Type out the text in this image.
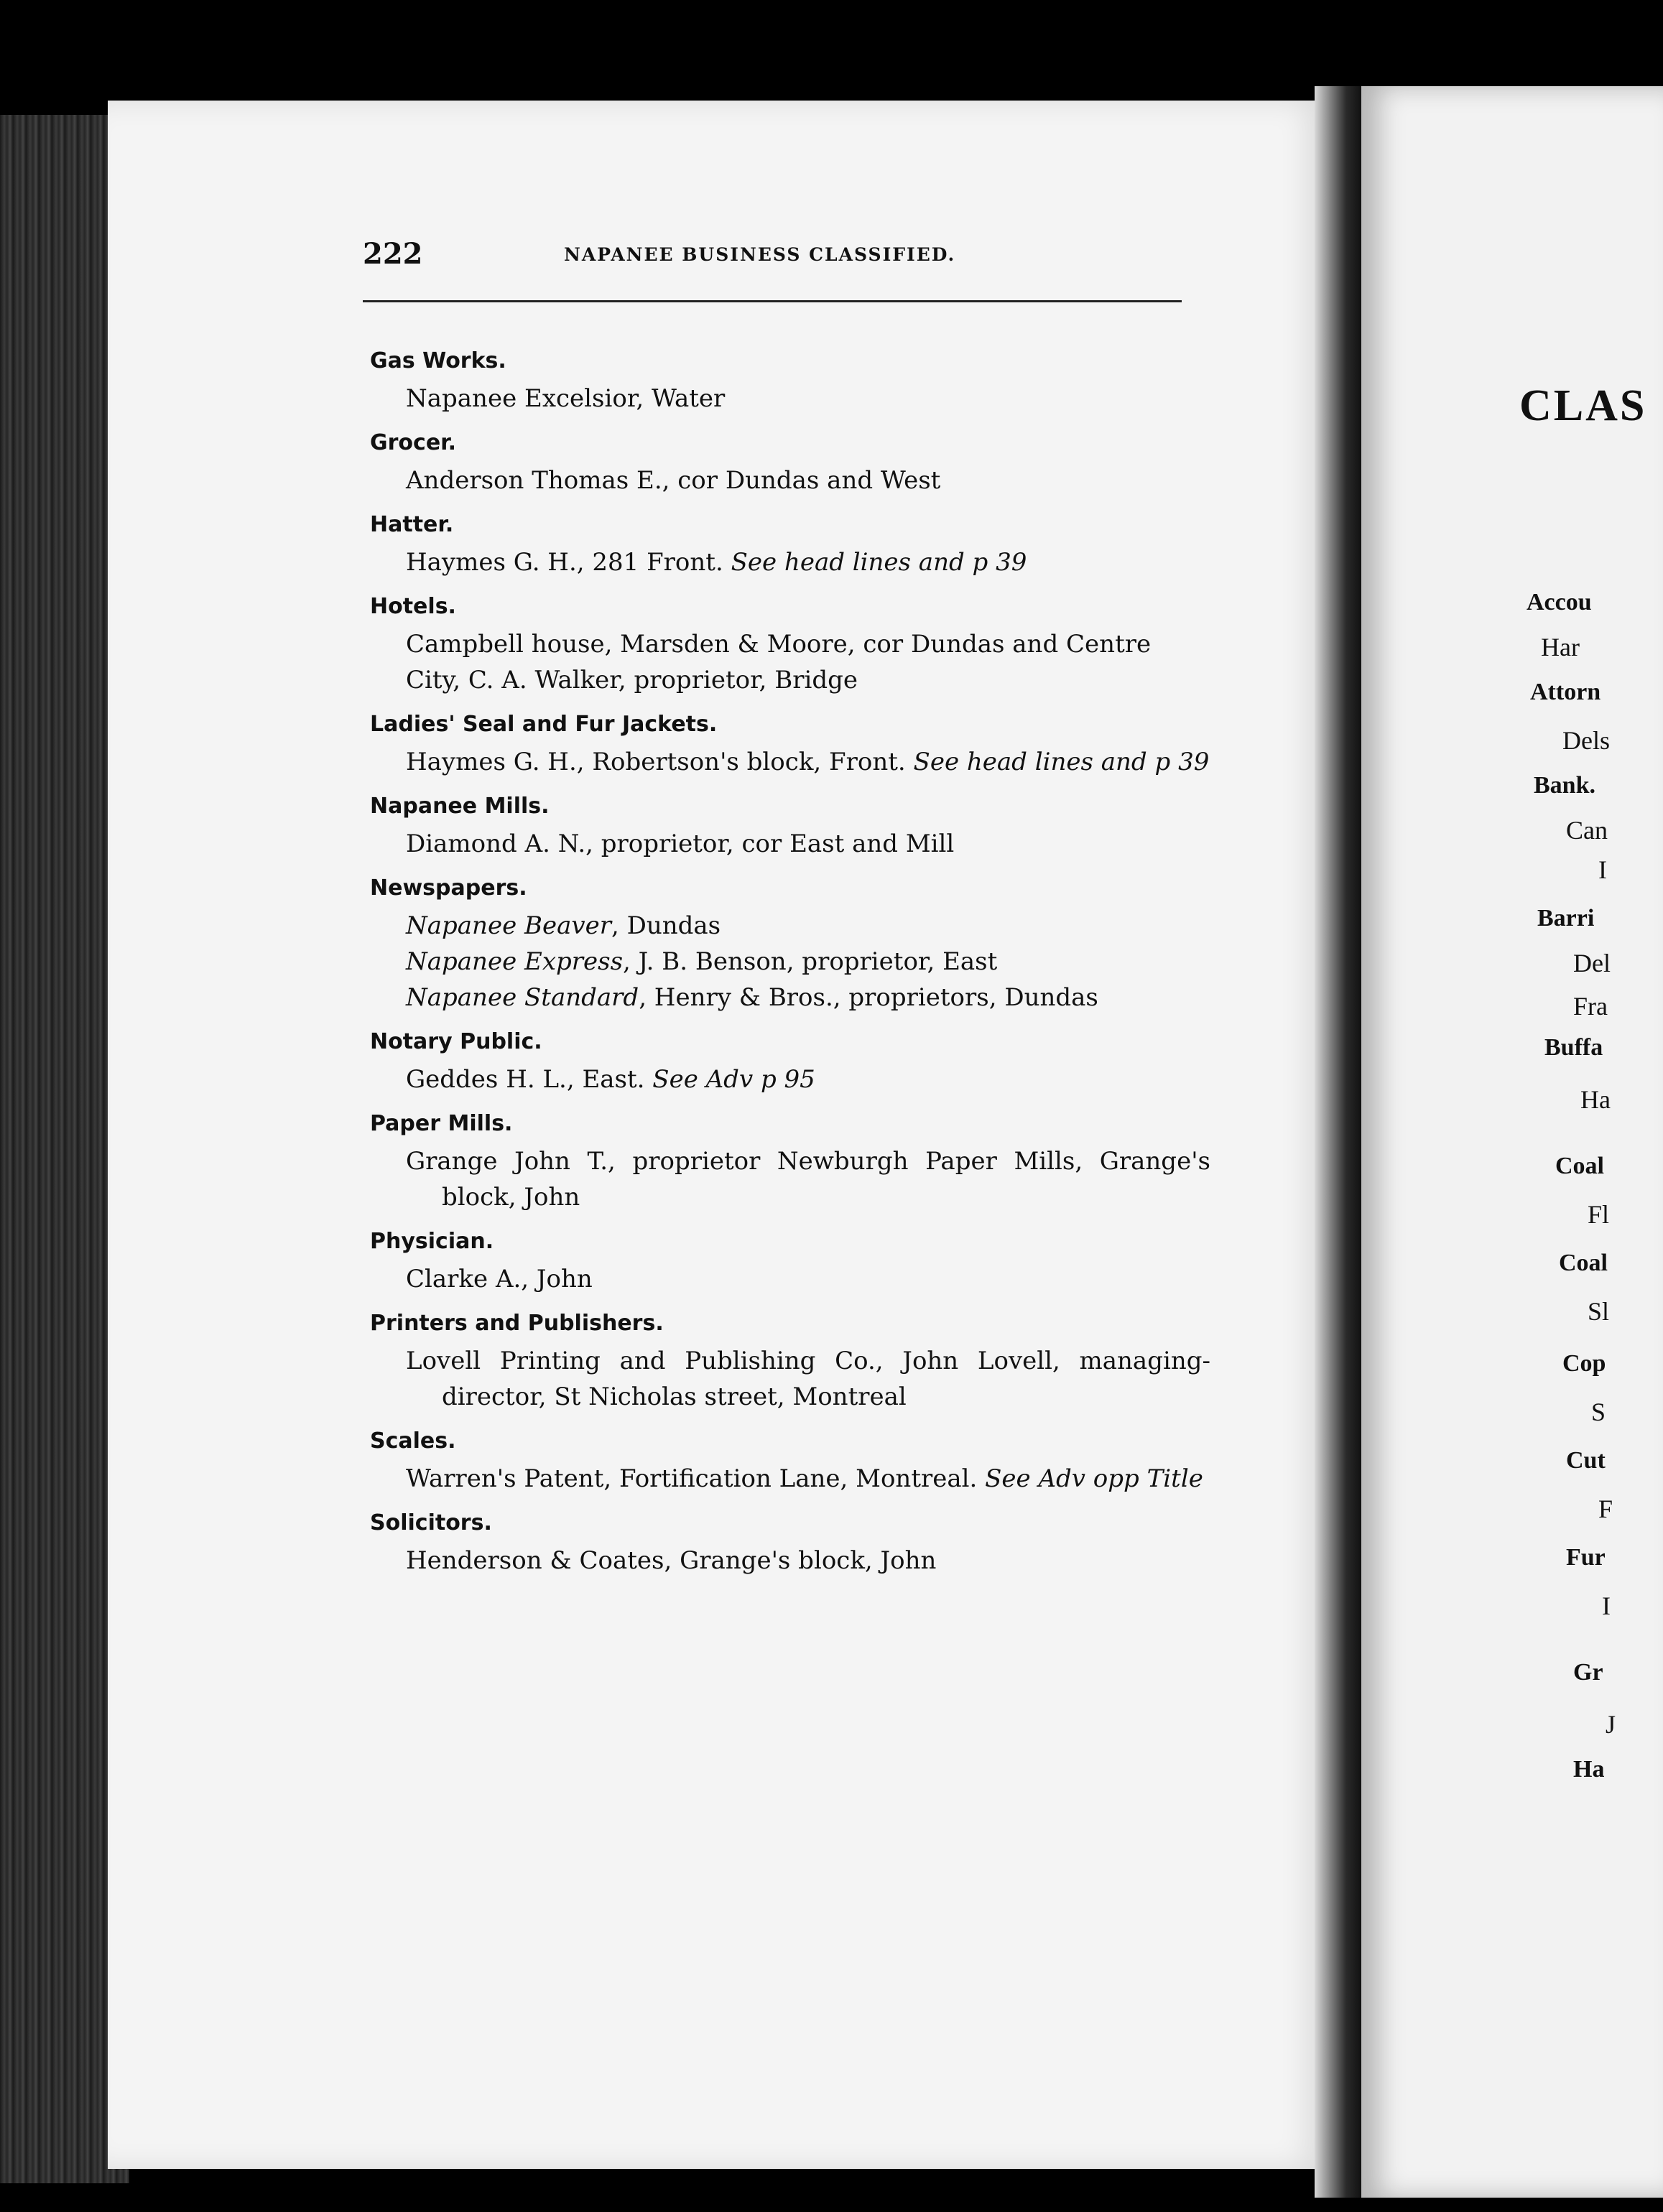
222	NAPANEE BUSINESS CLASSIFIED.
Gas Works.
Napanee Excelsior, Water
Grocer.
Anderson Thomas E., cor Dundas and West
Hatter.
Haymes G. H., 281 Front. See head lines and p 39
Hotels.
Campbell house, Marsden & Moore, cor Dundas and Centre
City, C. A. Walker, proprietor, Bridge
Ladies' Seal and Fur Jackets.
Haymes G. H., Robertson's block, Front. See head lines and p 39
Napanee Mills.
Diamond A. N., proprietor, cor East and Mill
Newspapers.
Napanee Beaver, Dundas
Napanee Express, J. B. Benson, proprietor, East
Napanee Standard, Henry & Bros., proprietors, Dundas
Notary Public.
Geddes H. L., East. See Adv p 95
Paper Mills.
Grange John T., proprietor Newburgh Paper Mills, Grange's block, John
Physician.
Clarke A., John
Printers and Publishers.
Lovell Printing and Publishing Co., John Lovell, managing-director, St Nicholas street, Montreal
Scales.
Warren's Patent, Fortification Lane, Montreal. See Adv opp Title
Solicitors.
Henderson & Coates, Grange's block, John
CLAS
Accou
Har
Attorn
Dels
Bank.
Can
I
Barri
Del
Fra
Buffa
Ha
Coal
Fl
Coal
Sl
Cop
S
Cut
F
Fur
I
Gr
J
Ha
